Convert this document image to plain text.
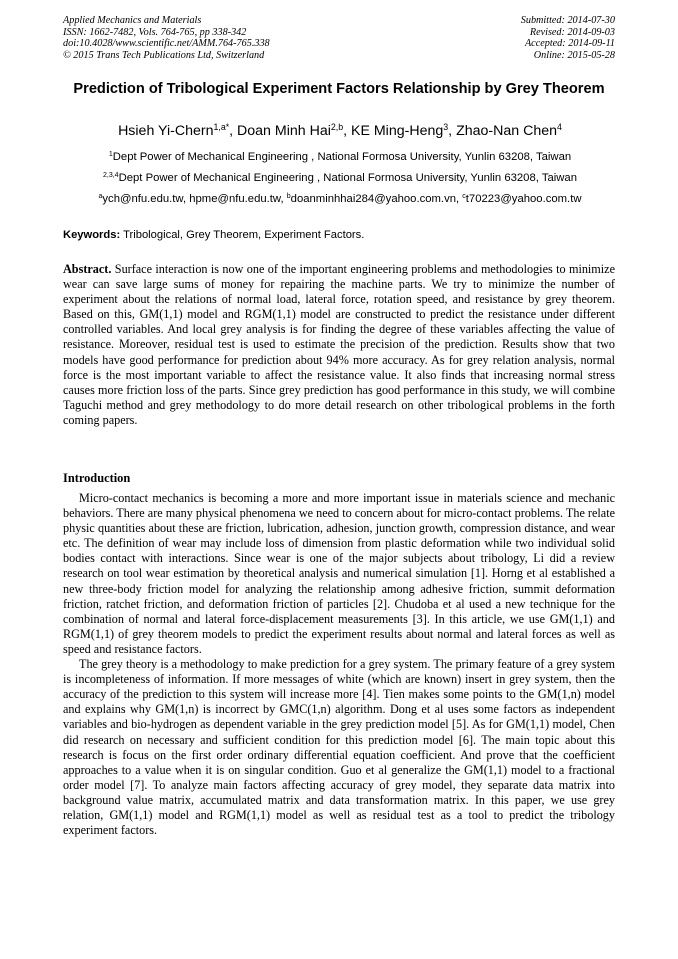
Applied Mechanics and Materials
ISSN: 1662-7482, Vols. 764-765, pp 338-342
doi:10.4028/www.scientific.net/AMM.764-765.338
© 2015 Trans Tech Publications Ltd, Switzerland
Submitted: 2014-07-30
Revised: 2014-09-03
Accepted: 2014-09-11
Online: 2015-05-28
Prediction of Tribological Experiment Factors Relationship by Grey Theorem
Hsieh Yi-Chern$^{1,a*}$, Doan Minh Hai$^{2,b}$, KE Ming-Heng$^3$, Zhao-Nan Chen$^4$
$^1$Dept Power of Mechanical Engineering , National Formosa University, Yunlin 63208, Taiwan
$^{2,3,4}$Dept Power of Mechanical Engineering , National Formosa University, Yunlin 63208, Taiwan
$^a$ych@nfu.edu.tw, hpme@nfu.edu.tw, $^b$doanminhhai284@yahoo.com.vn, $^c$t70223@yahoo.com.tw
Keywords: Tribological, Grey Theorem, Experiment Factors.
Abstract. Surface interaction is now one of the important engineering problems and methodologies to minimize wear can save large sums of money for repairing the machine parts. We try to minimize the number of experiment about the relations of normal load, lateral force, rotation speed, and resistance by grey theorem. Based on this, GM(1,1) model and RGM(1,1) model are constructed to predict the resistance under different controlled variables. And local grey analysis is for finding the degree of these variables affecting the value of resistance. Moreover, residual test is used to estimate the precision of the prediction. Results show that two models have good performance for prediction about 94% more accuracy. As for grey relation analysis, normal force is the most important variable to affect the resistance value. It also finds that increasing normal stress causes more friction loss of the parts. Since grey prediction has good performance in this study, we will combine Taguchi method and grey methodology to do more detail research on other tribological problems in the forth coming papers.
Introduction

Micro-contact mechanics is becoming a more and more important issue in materials science and mechanic behaviors. There are many physical phenomena we need to concern about for micro-contact problems. The relate physic quantities about these are friction, lubrication, adhesion, junction growth, compression distance, and wear etc. The definition of wear may include loss of dimension from plastic deformation while two individual solid bodies contact with interactions. Since wear is one of the major subjects about tribology, Li did a review research on tool wear estimation by theoretical analysis and numerical simulation [1]. Horng et al established a new three-body friction model for analyzing the relationship among adhesive friction, summit deformation friction, ratchet friction, and deformation friction of particles [2]. Chudoba et al used a new technique for the combination of normal and lateral force-displacement measurements [3]. In this article, we use GM(1,1) and RGM(1,1) of grey theorem models to predict the experiment results about normal and lateral forces as well as speed and resistance factors.

The grey theory is a methodology to make prediction for a grey system. The primary feature of a grey system is incompleteness of information. If more messages of white (which are known) insert in grey system, then the accuracy of the prediction to this system will increase more [4]. Tien makes some points to the GM(1,n) model and explains why GM(1,n) is incorrect by GMC(1,n) algorithm. Dong et al uses some factors as independent variables and bio-hydrogen as dependent variable in the grey prediction model [5]. As for GM(1,1) model, Chen did research on necessary and sufficient condition for this prediction model [6]. The main topic about this research is focus on the first order ordinary differential equation coefficient. And prove that the coefficient approaches to a value when it is on singular condition. Guo et al generalize the GM(1,1) model to a fractional order model [7]. To analyze main factors affecting accuracy of grey model, they separate data matrix into background value matrix, accumulated matrix and data transformation matrix. In this paper, we use grey relation, GM(1,1) model and RGM(1,1) model as well as residual test as a tool to predict the tribology experiment factors.
